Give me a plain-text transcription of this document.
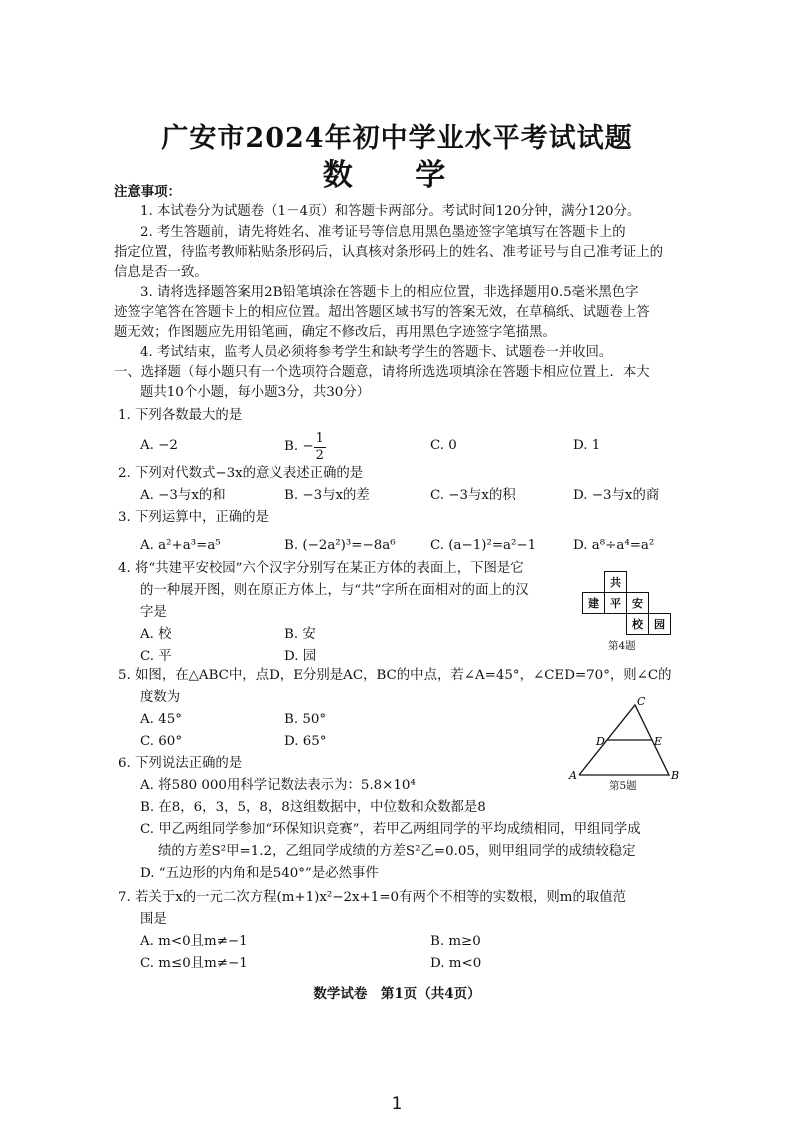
广安市2024年初中学业水平考试试题
数 学
注意事项：
1. 本试卷分为试题卷（1－4页）和答题卡两部分。考试时间120分钟，满分120分。
2. 考生答题前，请先将姓名、准考证号等信息用黑色墨迹签字笔填写在答题卡上的
指定位置，待监考教师粘贴条形码后，认真核对条形码上的姓名、准考证号与自己准考证上的
信息是否一致。
3. 请将选择题答案用2B铅笔填涂在答题卡上的相应位置，非选择题用0.5毫米黑色字
迹签字笔答在答题卡上的相应位置。超出答题区域书写的答案无效，在草稿纸、试题卷上答
题无效；作图题应先用铅笔画，确定不修改后，再用黑色字迹签字笔描黑。
4. 考试结束，监考人员必须将参考学生和缺考学生的答题卡、试题卷一并收回。
一、选择题（每小题只有一个选项符合题意，请将所选选项填涂在答题卡相应位置上．本大
题共10个小题，每小题3分，共30分）
1. 下列各数最大的是
A. −2	B. − $\frac{1}{2}$	C. 0	D. 1
2. 下列对代数式−3x的意义表述正确的是
A. −3与x的和	B. −3与x的差	C. −3与x的积	D. −3与x的商
3. 下列运算中，正确的是
A. a²+a³=a⁵	B. (−2a²)³=−8a⁶	C. (a−1)²=a²−1	D. a⁸÷a⁴=a²
4. 将“共建平安校园”六个汉字分别写在某正方体的表面上，下图是它
的一种展开图，则在原正方体上，与“共”字所在面相对的面上的汉
字是
A. 校	B. 安
C. 平	D. 园
	共		
建	平	安	
		校	园
第4题
5. 如图，在△ABC中，点D，E分别是AC，BC的中点，若∠A=45°，∠CED=70°，则∠C的
度数为
A. 45°	B. 50°
C. 60°	D. 65°
A	B
C
D	E
第5题
6. 下列说法正确的是
A. 将580 000用科学记数法表示为：5.8×10⁴
B. 在8，6，3，5，8，8这组数据中，中位数和众数都是8
C. 甲乙两组同学参加“环保知识竞赛”，若甲乙两组同学的平均成绩相同，甲组同学成
绩的方差S²甲=1.2，乙组同学成绩的方差S²乙=0.05，则甲组同学的成绩较稳定
D. “五边形的内角和是540°”是必然事件
7. 若关于x的一元二次方程(m+1)x²−2x+1=0有两个不相等的实数根，则m的取值范
围是
A. m<0且m≠−1	B. m≥0
C. m≤0且m≠−1	D. m<0
数学试卷　第1页（共4页）
1
